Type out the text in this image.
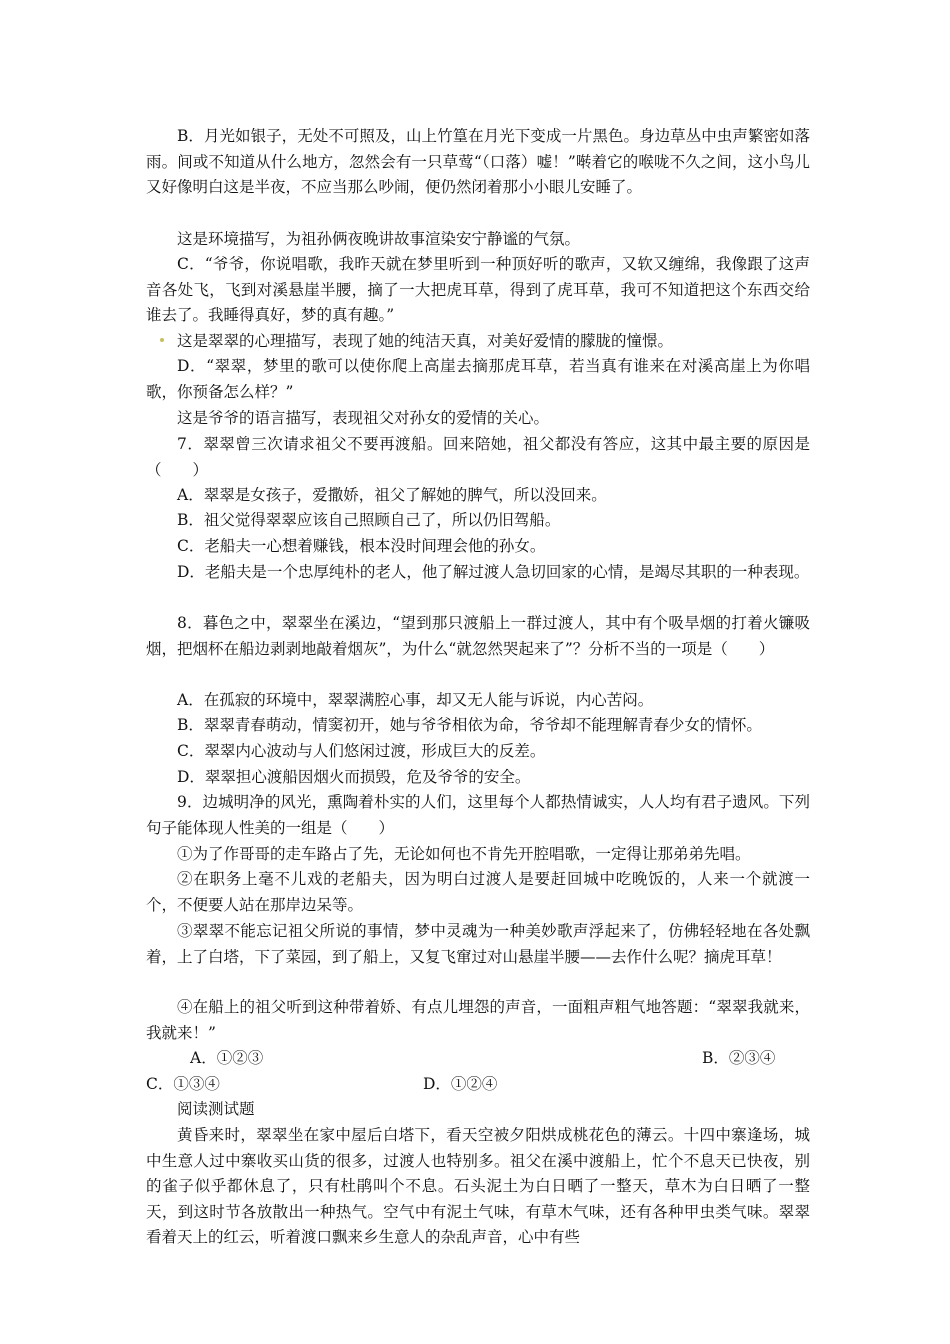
B．月光如银子，无处不可照及，山上竹篁在月光下变成一片黑色。身边草丛中虫声繁密如落雨。间或不知道从什么地方，忽然会有一只草莺“（口落）嘘！”啭着它的喉咙不久之间，这小鸟儿又好像明白这是半夜，不应当那么吵闹，便仍然闭着那小小眼儿安睡了。
这是环境描写，为祖孙俩夜晚讲故事渲染安宁静谧的气氛。
C．“爷爷，你说唱歌，我昨天就在梦里听到一种顶好听的歌声，又软又缠绵，我像跟了这声音各处飞，飞到对溪悬崖半腰，摘了一大把虎耳草，得到了虎耳草，我可不知道把这个东西交给谁去了。我睡得真好，梦的真有趣。”
这是翠翠的心理描写，表现了她的纯洁天真，对美好爱情的朦胧的憧憬。
D．“翠翠，梦里的歌可以使你爬上高崖去摘那虎耳草，若当真有谁来在对溪高崖上为你唱歌，你预备怎么样？”
这是爷爷的语言描写，表现祖父对孙女的爱情的关心。
7．翠翠曾三次请求祖父不要再渡船。回来陪她，祖父都没有答应，这其中最主要的原因是（　　）
A．翠翠是女孩子，爱撒娇，祖父了解她的脾气，所以没回来。
B．祖父觉得翠翠应该自己照顾自己了，所以仍旧驾船。
C．老船夫一心想着赚钱，根本没时间理会他的孙女。
D．老船夫是一个忠厚纯朴的老人，他了解过渡人急切回家的心情，是竭尽其职的一种表现。
8．暮色之中，翠翠坐在溪边，“望到那只渡船上一群过渡人，其中有个吸旱烟的打着火镰吸烟，把烟杯在船边剥剥地敲着烟灰”，为什么“就忽然哭起来了”？分析不当的一项是（　　）
A．在孤寂的环境中，翠翠满腔心事，却又无人能与诉说，内心苦闷。
B．翠翠青春萌动，情窦初开，她与爷爷相依为命，爷爷却不能理解青春少女的情怀。
C．翠翠内心波动与人们悠闲过渡，形成巨大的反差。
D．翠翠担心渡船因烟火而损毁，危及爷爷的安全。
9．边城明净的风光，熏陶着朴实的人们，这里每个人都热情诚实，人人均有君子遗风。下列句子能体现人性美的一组是（　　）
①为了作哥哥的走车路占了先，无论如何也不肯先开腔唱歌，一定得让那弟弟先唱。
②在职务上毫不儿戏的老船夫，因为明白过渡人是要赶回城中吃晚饭的，人来一个就渡一个，不便要人站在那岸边呆等。
③翠翠不能忘记祖父所说的事情，梦中灵魂为一种美妙歌声浮起来了，仿佛轻轻地在各处飘着，上了白塔，下了菜园，到了船上，又复飞窜过对山悬崖半腰——去作什么呢？摘虎耳草！
④在船上的祖父听到这种带着娇、有点儿埋怨的声音，一面粗声粗气地答题：“翠翠我就来，我就来！”
A．①②③	B．②③④
C．①③④	D．①②④
阅读测试题
黄昏来时，翠翠坐在家中屋后白塔下，看天空被夕阳烘成桃花色的薄云。十四中寨逢场，城中生意人过中寨收买山货的很多，过渡人也特别多。祖父在溪中渡船上，忙个不息天已快夜，别的雀子似乎都休息了，只有杜鹃叫个不息。石头泥土为白日晒了一整天，草木为白日晒了一整天，到这时节各放散出一种热气。空气中有泥土气味，有草木气味，还有各种甲虫类气味。翠翠看着天上的红云，听着渡口飘来乡生意人的杂乱声音，心中有些
